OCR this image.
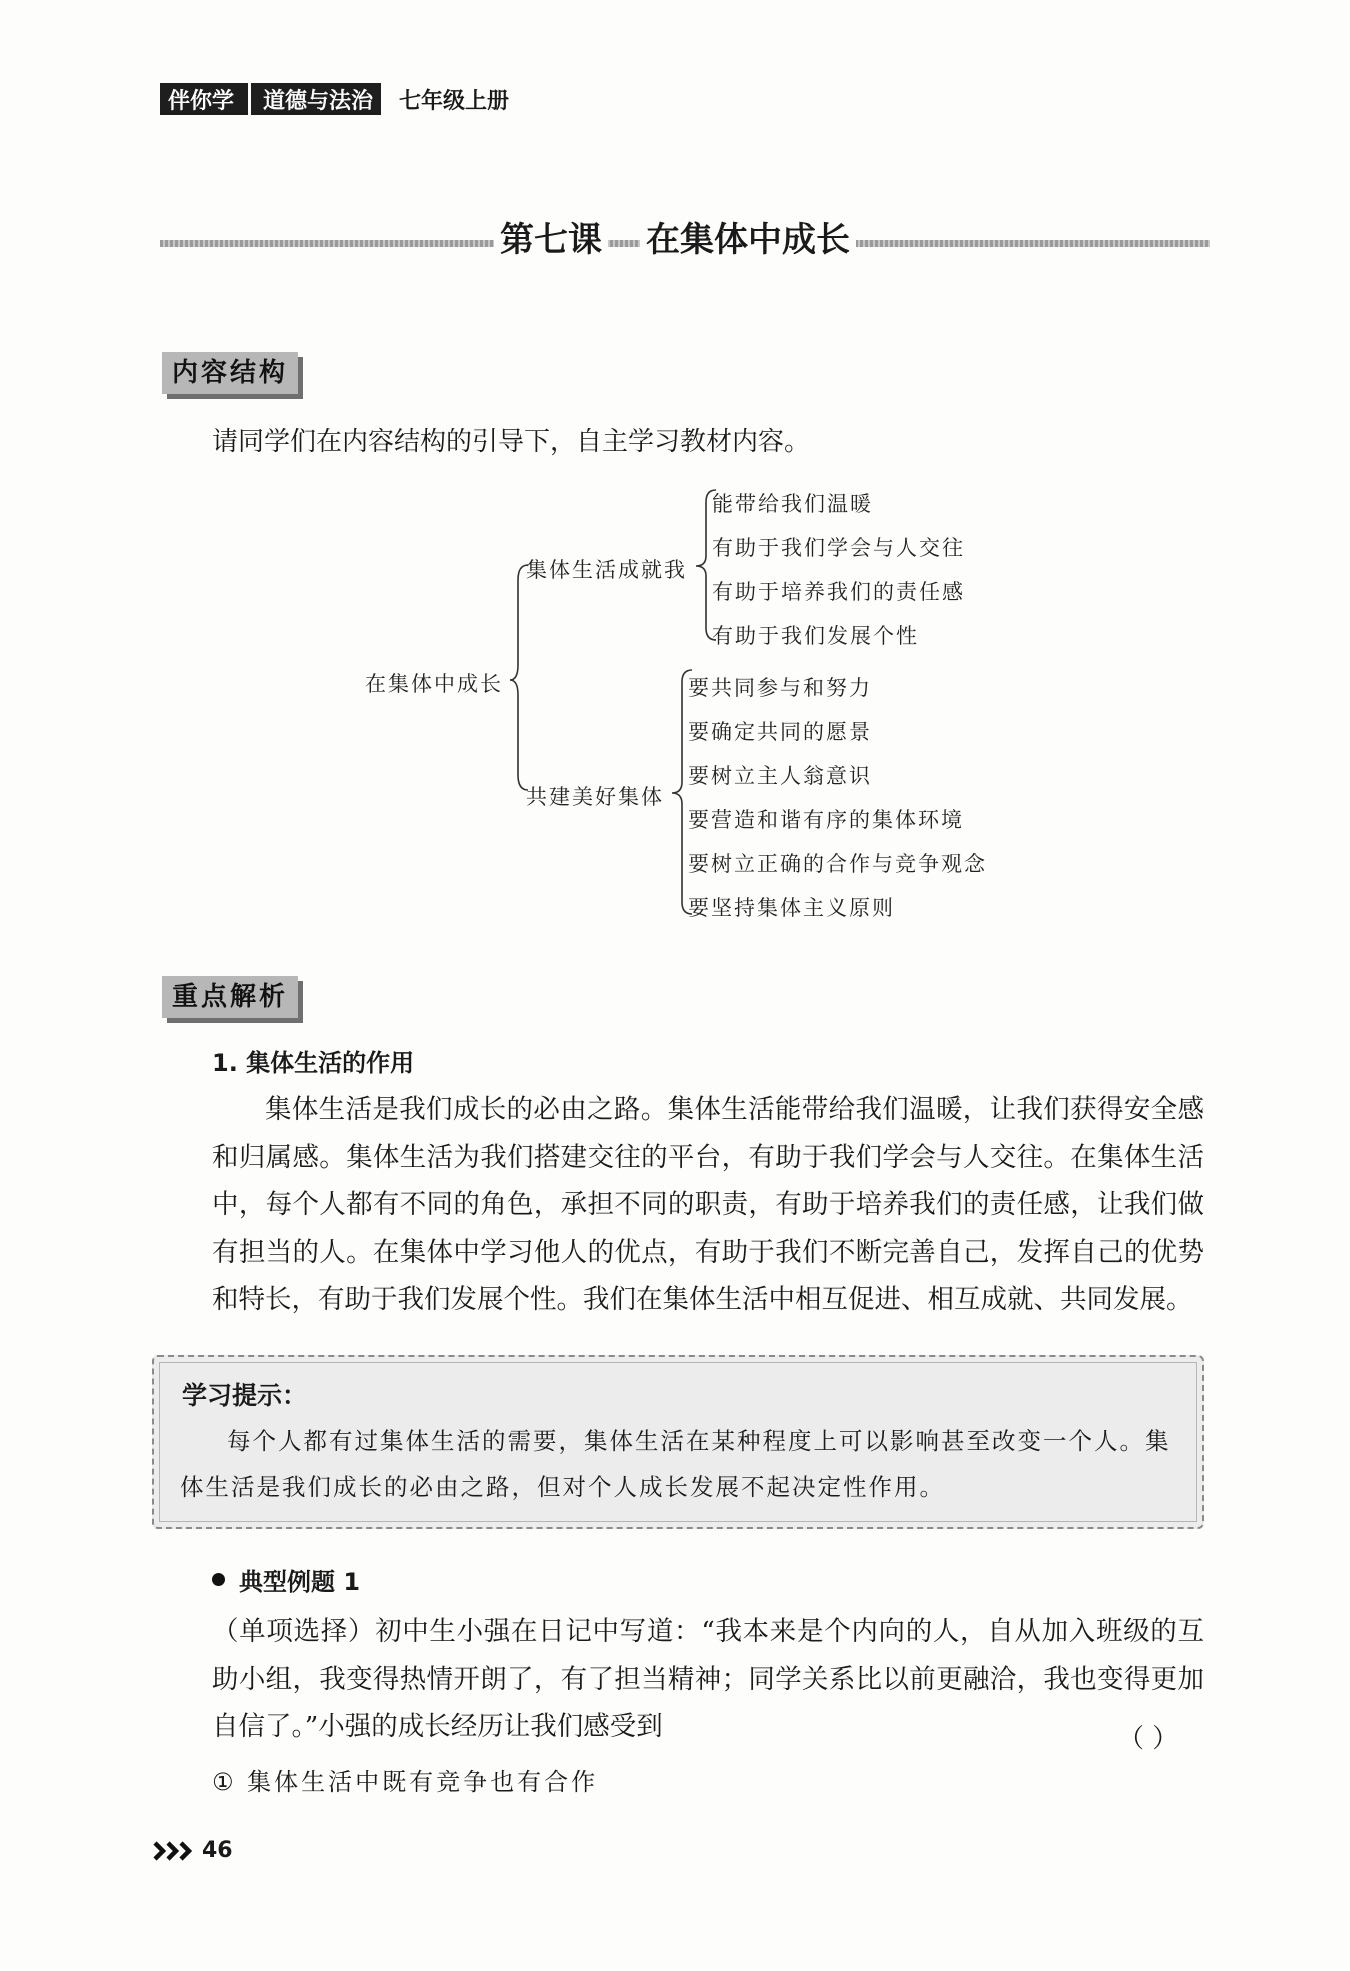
伴你学	道德与法治	七年级上册
第七课 在集体中成长
内容结构
请同学们在内容结构的引导下，自主学习教材内容。
在集体中成长
集体生活成就我
能带给我们温暖
有助于我们学会与人交往
有助于培养我们的责任感
有助于我们发展个性
共建美好集体
要共同参与和努力
要确定共同的愿景
要树立主人翁意识
要营造和谐有序的集体环境
要树立正确的合作与竞争观念
要坚持集体主义原则
重点解析
1. 集体生活的作用
集体生活是我们成长的必由之路。集体生活能带给我们温暖，让我们获得安全感和归属感。集体生活为我们搭建交往的平台，有助于我们学会与人交往。在集体生活中，每个人都有不同的角色，承担不同的职责，有助于培养我们的责任感，让我们做有担当的人。在集体中学习他人的优点，有助于我们不断完善自己，发挥自己的优势和特长，有助于我们发展个性。我们在集体生活中相互促进、相互成就、共同发展。
学习提示：
每个人都有过集体生活的需要，集体生活在某种程度上可以影响甚至改变一个人。集体生活是我们成长的必由之路，但对个人成长发展不起决定性作用。
典型例题 1
（单项选择）初中生小强在日记中写道：“我本来是个内向的人，自从加入班级的互助小组，我变得热情开朗了，有了担当精神；同学关系比以前更融洽，我也变得更加自信了。”小强的成长经历让我们感受到	（ ）
① 集体生活中既有竞争也有合作
46
